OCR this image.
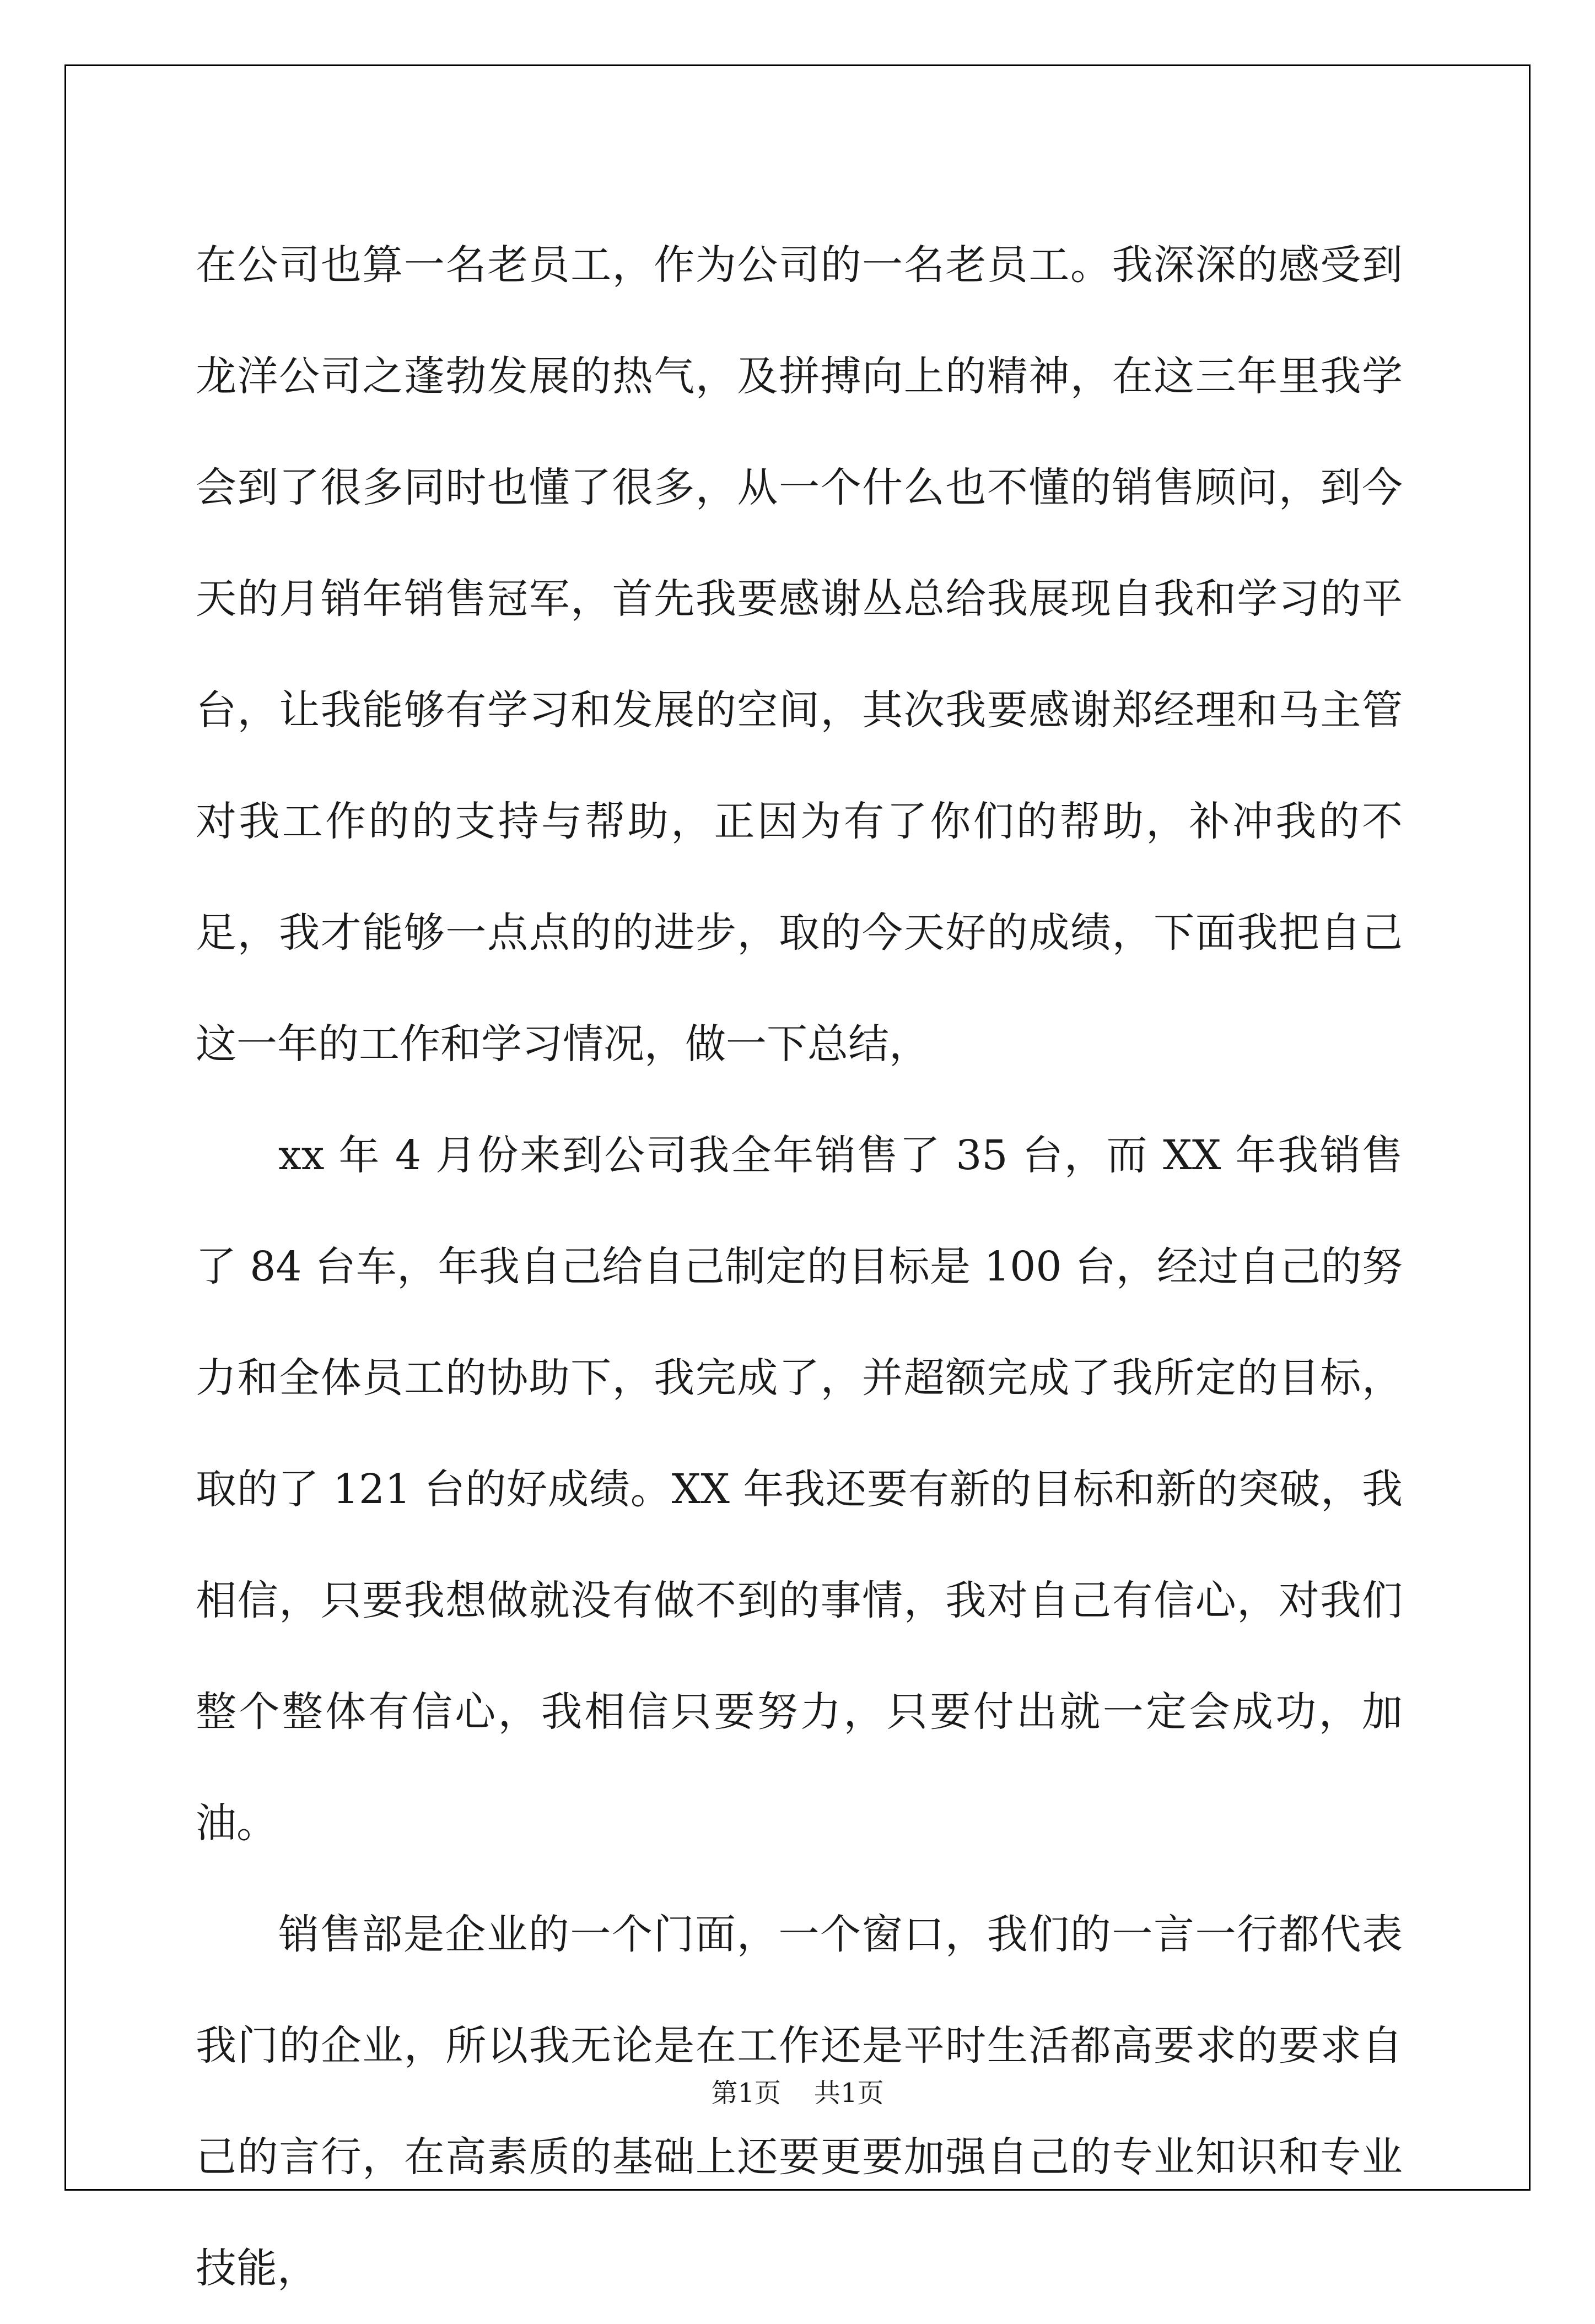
在公司也算一名老员工，作为公司的一名老员工。我深深的感受到龙洋公司之蓬勃发展的热气，及拼搏向上的精神，在这三年里我学会到了很多同时也懂了很多，从一个什么也不懂的销售顾问，到今天的月销年销售冠军，首先我要感谢丛总给我展现自我和学习的平台，让我能够有学习和发展的空间，其次我要感谢郑经理和马主管对我工作的的支持与帮助，正因为有了你们的帮助，补冲我的不足，我才能够一点点的的进步，取的今天好的成绩，下面我把自己这一年的工作和学习情况，做一下总结，

xx 年 4 月份来到公司我全年销售了 35 台，而 XX 年我销售了 84 台车，年我自己给自己制定的目标是 100 台，经过自己的努力和全体员工的协助下，我完成了，并超额完成了我所定的目标，取的了 121 台的好成绩。XX 年我还要有新的目标和新的突破，我相信，只要我想做就没有做不到的事情，我对自己有信心，对我们整个整体有信心，我相信只要努力，只要付出就一定会成功，加油。

销售部是企业的一个门面，一个窗口，我们的一言一行都代表我门的企业，所以我无论是在工作还是平时生活都高要求的要求自己的言行，在高素质的基础上还要更要加强自己的专业知识和专业技能，

第1页 共1页
